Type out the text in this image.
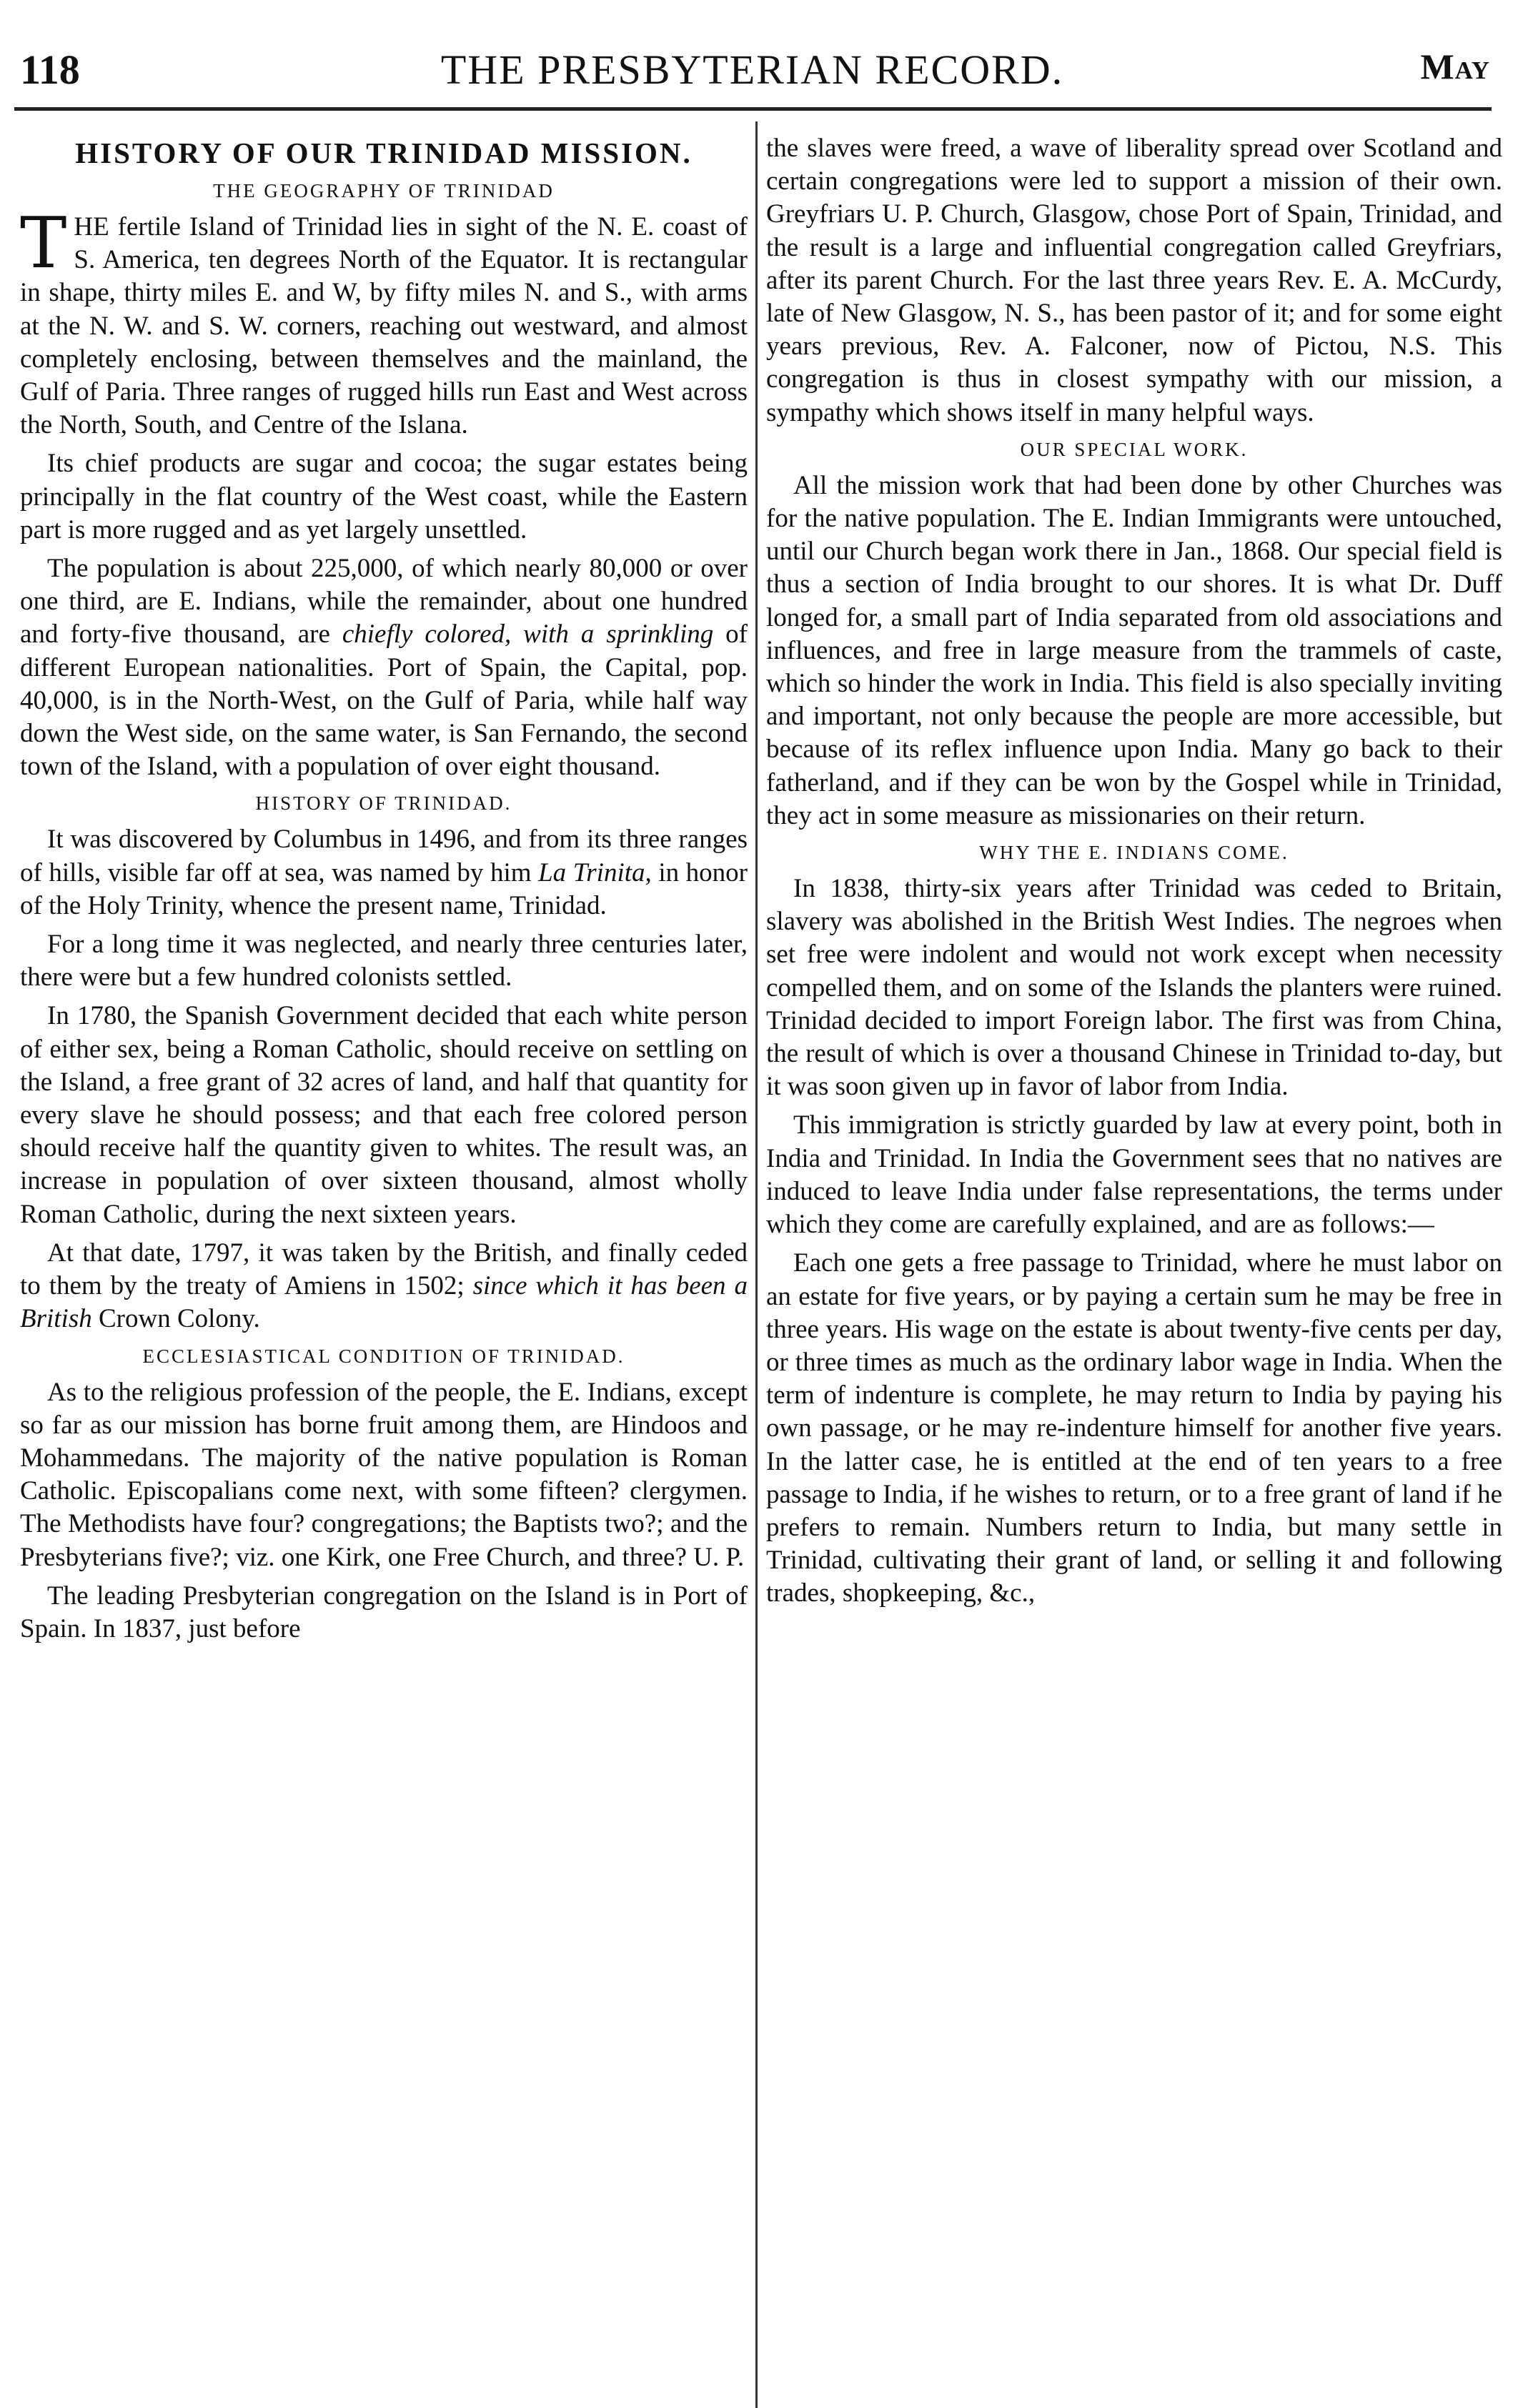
118	THE PRESBYTERIAN RECORD.	May
HISTORY OF OUR TRINIDAD MISSION.
THE GEOGRAPHY OF TRINIDAD

THE fertile Island of Trinidad lies in sight of the N. E. coast of S. America, ten degrees North of the Equator. It is rectangular in shape, thirty miles E. and W, by fifty miles N. and S., with arms at the N. W. and S. W. corners, reaching out westward, and almost completely enclosing, between themselves and the mainland, the Gulf of Paria. Three ranges of rugged hills run East and West across the North, South, and Centre of the Islana.

Its chief products are sugar and cocoa; the sugar estates being principally in the flat country of the West coast, while the Eastern part is more rugged and as yet largely unsettled.

The population is about 225,000, of which nearly 80,000 or over one third, are E. Indians, while the remainder, about one hundred and forty-five thousand, are chiefly colored, with a sprinkling of different European nationalities. Port of Spain, the Capital, pop. 40,000, is in the North-West, on the Gulf of Paria, while half way down the West side, on the same water, is San Fernando, the second town of the Island, with a population of over eight thousand.

HISTORY OF TRINIDAD.

It was discovered by Columbus in 1496, and from its three ranges of hills, visible far off at sea, was named by him La Trinita, in honor of the Holy Trinity, whence the present name, Trinidad.

For a long time it was neglected, and nearly three centuries later, there were but a few hundred colonists settled.

In 1780, the Spanish Government decided that each white person of either sex, being a Roman Catholic, should receive on settling on the Island, a free grant of 32 acres of land, and half that quantity for every slave he should possess; and that each free colored person should receive half the quantity given to whites. The result was, an increase in population of over sixteen thousand, almost wholly Roman Catholic, during the next sixteen years.

At that date, 1797, it was taken by the British, and finally ceded to them by the treaty of Amiens in 1502; since which it has been a British Crown Colony.

ECCLESIASTICAL CONDITION OF TRINIDAD.

As to the religious profession of the people, the E. Indians, except so far as our mission has borne fruit among them, are Hindoos and Mohammedans. The majority of the native population is Roman Catholic. Episcopalians come next, with some fifteen? clergymen. The Methodists have four? congregations; the Baptists two?; and the Presbyterians five?; viz. one Kirk, one Free Church, and three? U. P.

The leading Presbyterian congregation on the Island is in Port of Spain. In 1837, just before

the slaves were freed, a wave of liberality spread over Scotland and certain congregations were led to support a mission of their own. Greyfriars U. P. Church, Glasgow, chose Port of Spain, Trinidad, and the result is a large and influential congregation called Greyfriars, after its parent Church. For the last three years Rev. E. A. McCurdy, late of New Glasgow, N. S., has been pastor of it; and for some eight years previous, Rev. A. Falconer, now of Pictou, N.S. This congregation is thus in closest sympathy with our mission, a sympathy which shows itself in many helpful ways.

OUR SPECIAL WORK.

All the mission work that had been done by other Churches was for the native population. The E. Indian Immigrants were untouched, until our Church began work there in Jan., 1868. Our special field is thus a section of India brought to our shores. It is what Dr. Duff longed for, a small part of India separated from old associations and influences, and free in large measure from the trammels of caste, which so hinder the work in India. This field is also specially inviting and important, not only because the people are more accessible, but because of its reflex influence upon India. Many go back to their fatherland, and if they can be won by the Gospel while in Trinidad, they act in some measure as missionaries on their return.

WHY THE E. INDIANS COME.

In 1838, thirty-six years after Trinidad was ceded to Britain, slavery was abolished in the British West Indies. The negroes when set free were indolent and would not work except when necessity compelled them, and on some of the Islands the planters were ruined. Trinidad decided to import Foreign labor. The first was from China, the result of which is over a thousand Chinese in Trinidad to-day, but it was soon given up in favor of labor from India.

This immigration is strictly guarded by law at every point, both in India and Trinidad. In India the Government sees that no natives are induced to leave India under false representations, the terms under which they come are carefully explained, and are as follows:—

Each one gets a free passage to Trinidad, where he must labor on an estate for five years, or by paying a certain sum he may be free in three years. His wage on the estate is about twenty-five cents per day, or three times as much as the ordinary labor wage in India. When the term of indenture is complete, he may return to India by paying his own passage, or he may re-indenture himself for another five years. In the latter case, he is entitled at the end of ten years to a free passage to India, if he wishes to return, or to a free grant of land if he prefers to remain. Numbers return to India, but many settle in Trinidad, cultivating their grant of land, or selling it and following trades, shopkeeping, &c.,
